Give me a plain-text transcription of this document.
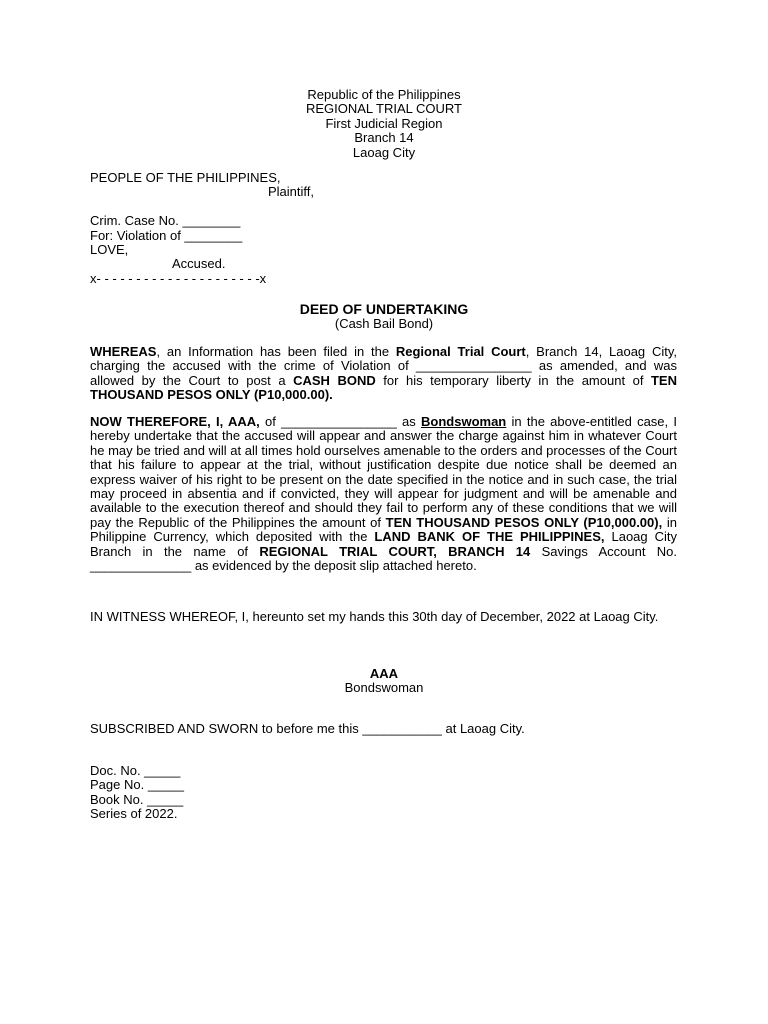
Republic of the Philippines
REGIONAL TRIAL COURT
First Judicial Region
Branch 14
Laoag City
PEOPLE OF THE PHILIPPINES,
Plaintiff,
Crim. Case No. ________
For: Violation of ________
LOVE,
Accused.
x- - - - - - - - - - - - - - - - - - - - -x
DEED OF UNDERTAKING
(Cash Bail Bond)

WHEREAS, an Information has been filed in the Regional Trial Court, Branch 14, Laoag City, charging the accused with the crime of Violation of ________________ as amended, and was allowed by the Court to post a CASH BOND for his temporary liberty in the amount of TEN THOUSAND PESOS ONLY (P10,000.00).

NOW THEREFORE, I, AAA, of ________________ as Bondswoman in the above-entitled case, I hereby undertake that the accused will appear and answer the charge against him in whatever Court he may be tried and will at all times hold ourselves amenable to the orders and processes of the Court that his failure to appear at the trial, without justification despite due notice shall be deemed an express waiver of his right to be present on the date specified in the notice and in such case, the trial may proceed in absentia and if convicted, they will appear for judgment and will be amenable and available to the execution thereof and should they fail to perform any of these conditions that we will pay the Republic of the Philippines the amount of TEN THOUSAND PESOS ONLY (P10,000.00), in Philippine Currency, which deposited with the LAND BANK OF THE PHILIPPINES, Laoag City Branch in the name of REGIONAL TRIAL COURT, BRANCH 14 Savings Account No. ______________ as evidenced by the deposit slip attached hereto.

IN WITNESS WHEREOF, I, hereunto set my hands this 30th day of December, 2022 at Laoag City.

AAA
Bondswoman
SUBSCRIBED AND SWORN to before me this ___________ at Laoag City.
Doc. No. _____
Page No. _____
Book No. _____
Series of 2022.
